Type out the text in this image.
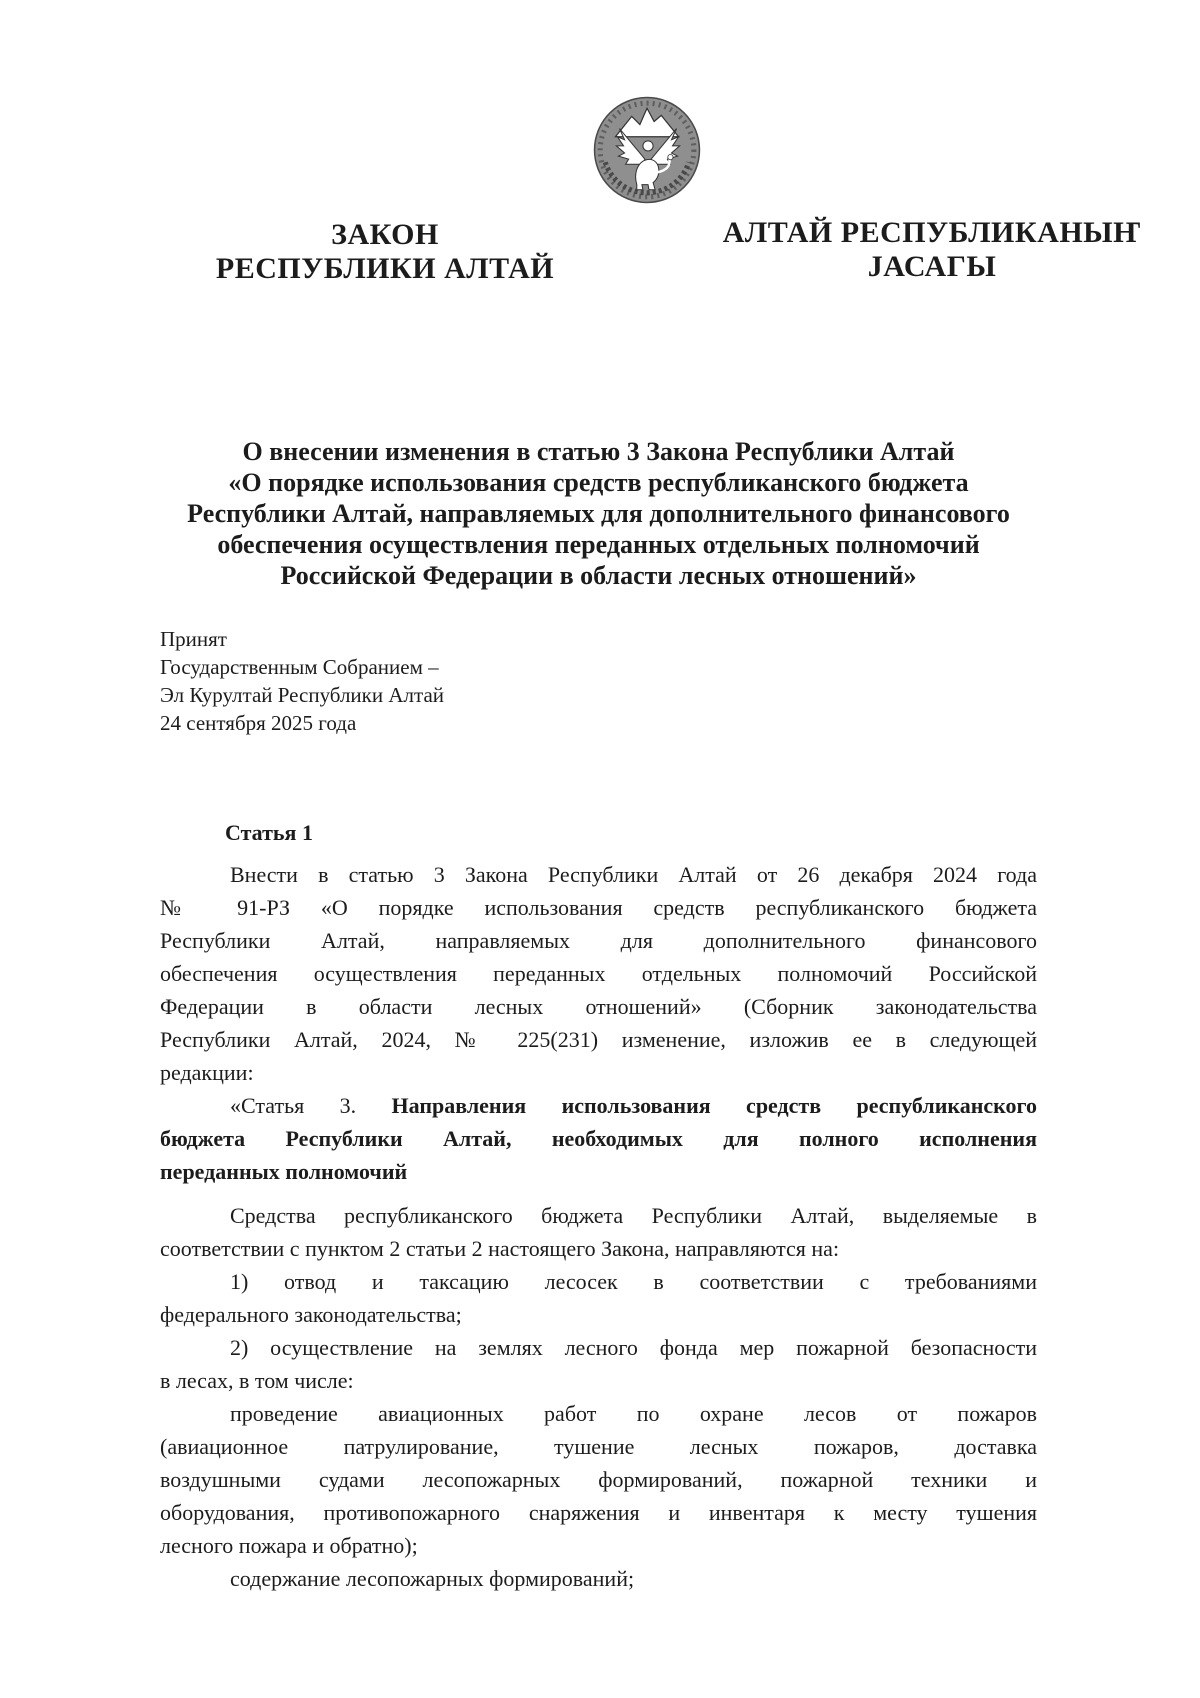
ЗАКОН
РЕСПУБЛИКИ АЛТАЙ
АЛТАЙ РЕСПУБЛИКАНЫҤ
ЈАСАГЫ
О внесении изменения в статью 3 Закона Республики Алтай
«О порядке использования средств республиканского бюджета
Республики Алтай, направляемых для дополнительного финансового
обеспечения осуществления переданных отдельных полномочий
Российской Федерации в области лесных отношений»
Принят
Государственным Собранием –
Эл Курултай Республики Алтай
24 сентября 2025 года
Статья 1
Внести в статью 3 Закона Республики Алтай от 26 декабря 2024 года
№ 91-РЗ «О порядке использования средств республиканского бюджета
Республики Алтай, направляемых для дополнительного финансового
обеспечения осуществления переданных отдельных полномочий Российской
Федерации в области лесных отношений» (Сборник законодательства
Республики Алтай, 2024, № 225(231) изменение, изложив ее в следующей
редакции:
«Статья 3. Направления использования средств республиканского
бюджета Республики Алтай, необходимых для полного исполнения
переданных полномочий
Средства республиканского бюджета Республики Алтай, выделяемые в
соответствии с пунктом 2 статьи 2 настоящего Закона, направляются на:
1) отвод и таксацию лесосек в соответствии с требованиями
федерального законодательства;
2) осуществление на землях лесного фонда мер пожарной безопасности
в лесах, в том числе:
проведение авиационных работ по охране лесов от пожаров
(авиационное патрулирование, тушение лесных пожаров, доставка
воздушными судами лесопожарных формирований, пожарной техники и
оборудования, противопожарного снаряжения и инвентаря к месту тушения
лесного пожара и обратно);
содержание лесопожарных формирований;
